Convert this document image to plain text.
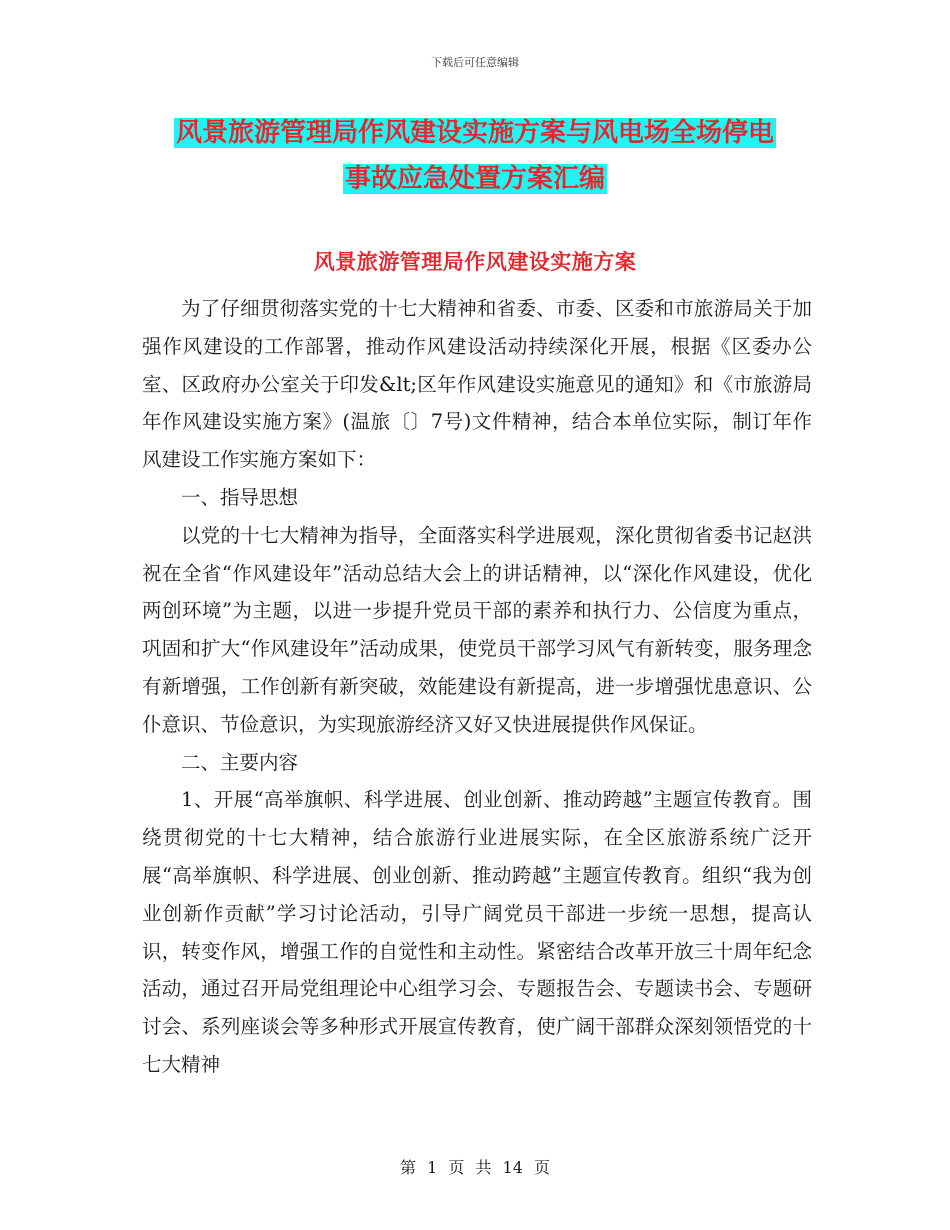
下载后可任意编辑
风景旅游管理局作风建设实施方案与风电场全场停电
事故应急处置方案汇编
风景旅游管理局作风建设实施方案

为了仔细贯彻落实党的十七大精神和省委、市委、区委和市旅游局关于加强作风建设的工作部署，推动作风建设活动持续深化开展，根据《区委办公室、区政府办公室关于印发&lt;区年作风建设实施意见的通知》和《市旅游局年作风建设实施方案》(温旅〔〕7号)文件精神，结合本单位实际，制订年作风建设工作实施方案如下：

一、指导思想

以党的十七大精神为指导，全面落实科学进展观，深化贯彻省委书记赵洪祝在全省“作风建设年”活动总结大会上的讲话精神，以“深化作风建设，优化两创环境”为主题，以进一步提升党员干部的素养和执行力、公信度为重点，巩固和扩大“作风建设年”活动成果，使党员干部学习风气有新转变，服务理念有新增强，工作创新有新突破，效能建设有新提高，进一步增强忧患意识、公仆意识、节俭意识，为实现旅游经济又好又快进展提供作风保证。

二、主要内容

1、开展“高举旗帜、科学进展、创业创新、推动跨越”主题宣传教育。围绕贯彻党的十七大精神，结合旅游行业进展实际，在全区旅游系统广泛开展“高举旗帜、科学进展、创业创新、推动跨越”主题宣传教育。组织“我为创业创新作贡献”学习讨论活动，引导广阔党员干部进一步统一思想，提高认识，转变作风，增强工作的自觉性和主动性。紧密结合改革开放三十周年纪念活动，通过召开局党组理论中心组学习会、专题报告会、专题读书会、专题研讨会、系列座谈会等多种形式开展宣传教育，使广阔干部群众深刻领悟党的十七大精神

第 1 页 共 14 页
